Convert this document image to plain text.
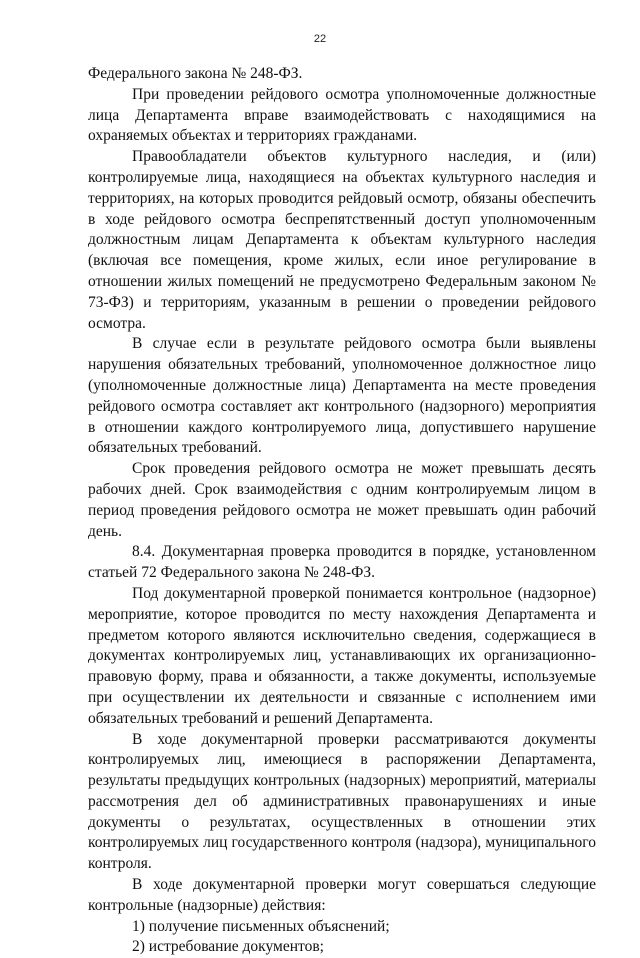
22

Федерального закона № 248-ФЗ.

При проведении рейдового осмотра уполномоченные должностные лица Департамента вправе взаимодействовать с находящимися на охраняемых объектах и территориях гражданами.

Правообладатели объектов культурного наследия, и (или) контролируемые лица, находящиеся на объектах культурного наследия и территориях, на которых проводится рейдовый осмотр, обязаны обеспечить в ходе рейдового осмотра беспрепятственный доступ уполномоченным должностным лицам Департамента к объектам культурного наследия (включая все помещения, кроме жилых, если иное регулирование в отношении жилых помещений не предусмотрено Федеральным законом № 73-ФЗ) и территориям, указанным в решении о проведении рейдового осмотра.

В случае если в результате рейдового осмотра были выявлены нарушения обязательных требований, уполномоченное должностное лицо (уполномоченные должностные лица) Департамента на месте проведения рейдового осмотра составляет акт контрольного (надзорного) мероприятия в отношении каждого контролируемого лица, допустившего нарушение обязательных требований.

Срок проведения рейдового осмотра не может превышать десять рабочих дней. Срок взаимодействия с одним контролируемым лицом в период проведения рейдового осмотра не может превышать один рабочий день.

8.4. Документарная проверка проводится в порядке, установленном статьей 72 Федерального закона № 248-ФЗ.

Под документарной проверкой понимается контрольное (надзорное) мероприятие, которое проводится по месту нахождения Департамента и предметом которого являются исключительно сведения, содержащиеся в документах контролируемых лиц, устанавливающих их организационно-правовую форму, права и обязанности, а также документы, используемые при осуществлении их деятельности и связанные с исполнением ими обязательных требований и решений Департамента.

В ходе документарной проверки рассматриваются документы контролируемых лиц, имеющиеся в распоряжении Департамента, результаты предыдущих контрольных (надзорных) мероприятий, материалы рассмотрения дел об административных правонарушениях и иные документы о результатах, осуществленных в отношении этих контролируемых лиц государственного контроля (надзора), муниципального контроля.

В ходе документарной проверки могут совершаться следующие контрольные (надзорные) действия:

1) получение письменных объяснений;

2) истребование документов;
